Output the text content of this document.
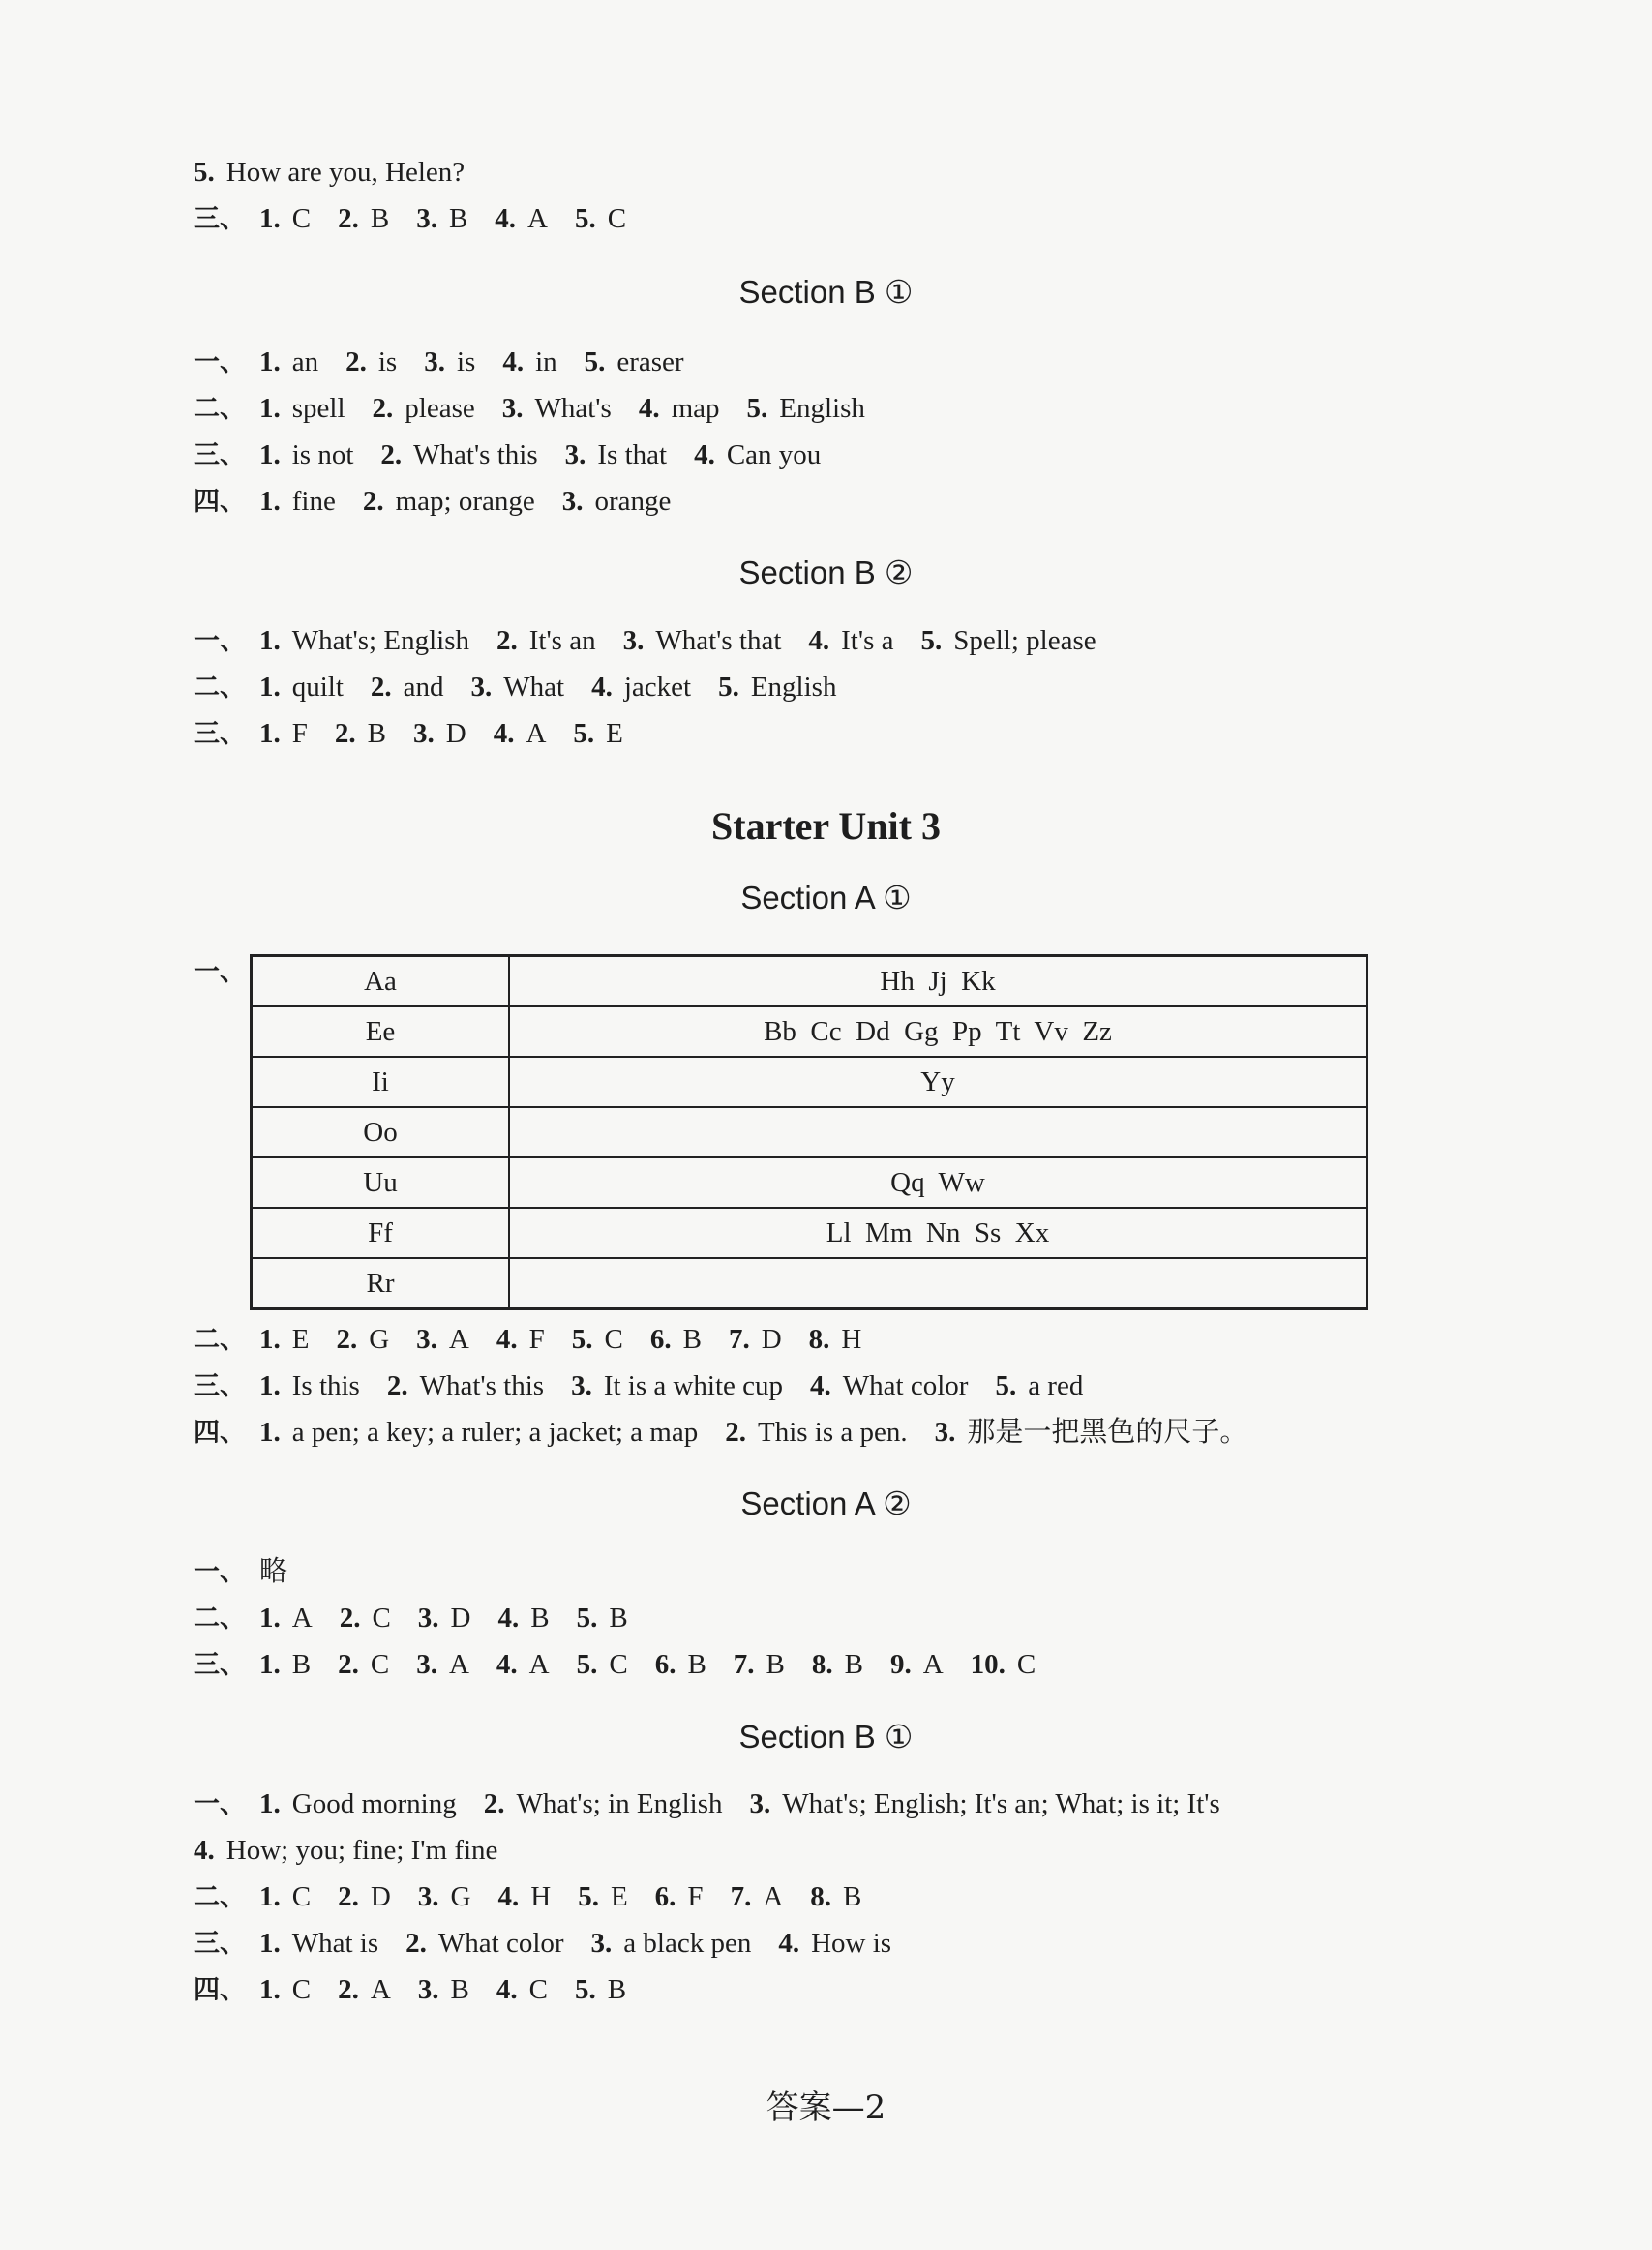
5. How are you, Helen?
三、 1. C 2. B 3. B 4. A 5. C
Section B ①
一、 1. an 2. is 3. is 4. in 5. eraser
二、 1. spell 2. please 3. What's 4. map 5. English
三、 1. is not 2. What's this 3. Is that 4. Can you
四、 1. fine 2. map; orange 3. orange
Section B ②
一、 1. What's; English 2. It's an 3. What's that 4. It's a 5. Spell; please
二、 1. quilt 2. and 3. What 4. jacket 5. English
三、 1. F 2. B 3. D 4. A 5. E
Starter Unit 3
Section A ①
一、	Aa	Hh  Jj  Kk
Ee	Bb  Cc  Dd  Gg  Pp  Tt  Vv  Zz
Ii	Yy
Oo	
Uu	Qq  Ww
Ff	Ll  Mm  Nn  Ss  Xx
Rr	
二、 1. E 2. G 3. A 4. F 5. C 6. B 7. D 8. H
三、 1. Is this 2. What's this 3. It is a white cup 4. What color 5. a red
四、 1. a pen; a key; a ruler; a jacket; a map 2. This is a pen. 3. 那是一把黑色的尺子。
Section A ②
一、 略
二、 1. A 2. C 3. D 4. B 5. B
三、 1. B 2. C 3. A 4. A 5. C 6. B 7. B 8. B 9. A 10. C
Section B ①
一、 1. Good morning 2. What's; in English 3. What's; English; It's an; What; is it; It's
4. How; you; fine; I'm fine
二、 1. C 2. D 3. G 4. H 5. E 6. F 7. A 8. B
三、 1. What is 2. What color 3. a black pen 4. How is
四、 1. C 2. A 3. B 4. C 5. B
答案—2
